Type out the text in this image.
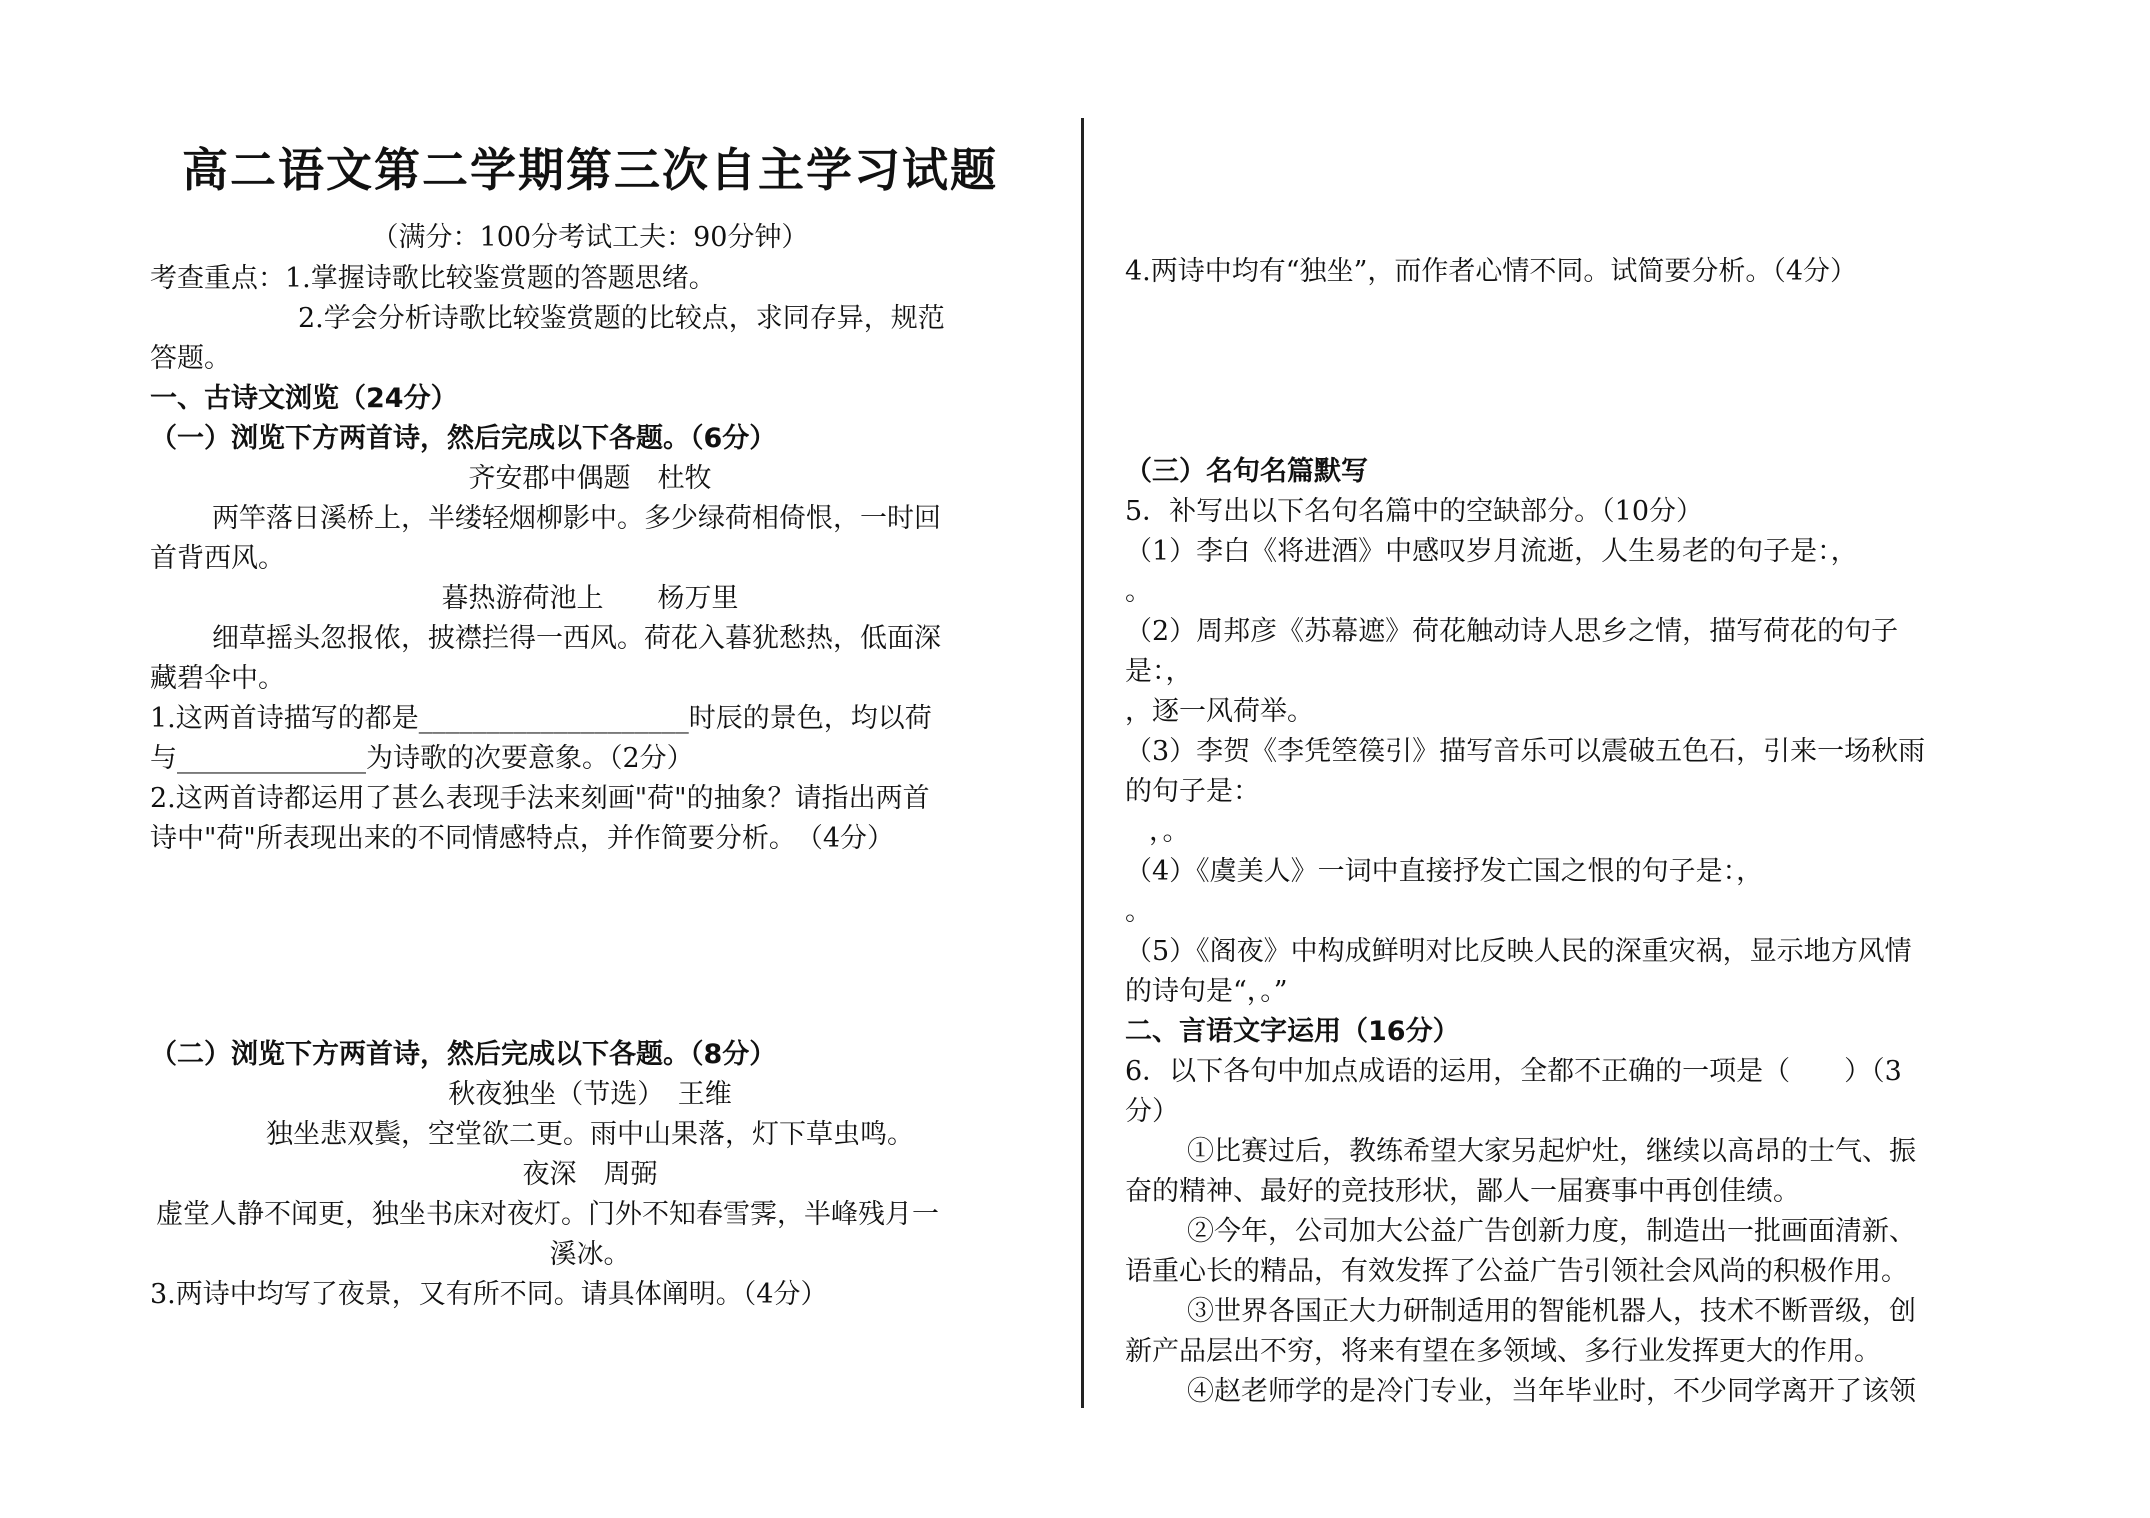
高二语文第二学期第三次自主学习试题
（满分：100分考试工夫：90分钟）
考查重点：1.掌握诗歌比较鉴赏题的答题思绪。
2.学会分析诗歌比较鉴赏题的比较点，求同存异，规范
答题。
一、古诗文浏览（24分）
（一）浏览下方两首诗，然后完成以下各题。（6分）
齐安郡中偶题　杜牧
两竿落日溪桥上，半缕轻烟柳影中。多少绿荷相倚恨，一时回
首背西风。
暮热游荷池上　　杨万里
细草摇头忽报侬，披襟拦得一西风。荷花入暮犹愁热，低面深
藏碧伞中。
1.这两首诗描写的都是____________________时辰的景色，均以荷
与______________为诗歌的次要意象。（2分）
2.这两首诗都运用了甚么表现手法来刻画"荷"的抽象？请指出两首
诗中"荷"所表现出来的不同情感特点，并作简要分析。　（4分）
（二）浏览下方两首诗，然后完成以下各题。（8分）
秋夜独坐（节选）　王维
独坐悲双鬓，空堂欲二更。雨中山果落，灯下草虫鸣。
夜深　周弼
虚堂人静不闻更，独坐书床对夜灯。门外不知春雪霁，半峰残月一
溪冰。
3.两诗中均写了夜景，又有所不同。请具体阐明。（4分）
4.两诗中均有“独坐”，而作者心情不同。试简要分析。（4分）
（三）名句名篇默写
5．补写出以下名句名篇中的空缺部分。（10分）
（1）李白《将进酒》中感叹岁月流逝，人生易老的句子是：，
。
（2）周邦彦《苏幕遮》荷花触动诗人思乡之情，描写荷花的句子
是：，
，逐一风荷举。
（3）李贺《李凭箜篌引》描写音乐可以震破五色石，引来一场秋雨
的句子是：
，。
（4）《虞美人》一词中直接抒发亡国之恨的句子是：，
。
（5）《阁夜》中构成鲜明对比反映人民的深重灾祸，显示地方风情
的诗句是“，。”
二、言语文字运用（16分）
6．以下各句中加点成语的运用，全都不正确的一项是（　　）（3
分）
①比赛过后，教练希望大家另起炉灶，继续以高昂的士气、振
奋的精神、最好的竞技形状，鄙人一届赛事中再创佳绩。
②今年，公司加大公益广告创新力度，制造出一批画面清新、
语重心长的精品，有效发挥了公益广告引领社会风尚的积极作用。
③世界各国正大力研制适用的智能机器人，技术不断晋级，创
新产品层出不穷，将来有望在多领域、多行业发挥更大的作用。
④赵老师学的是冷门专业，当年毕业时，不少同学离开了该领
